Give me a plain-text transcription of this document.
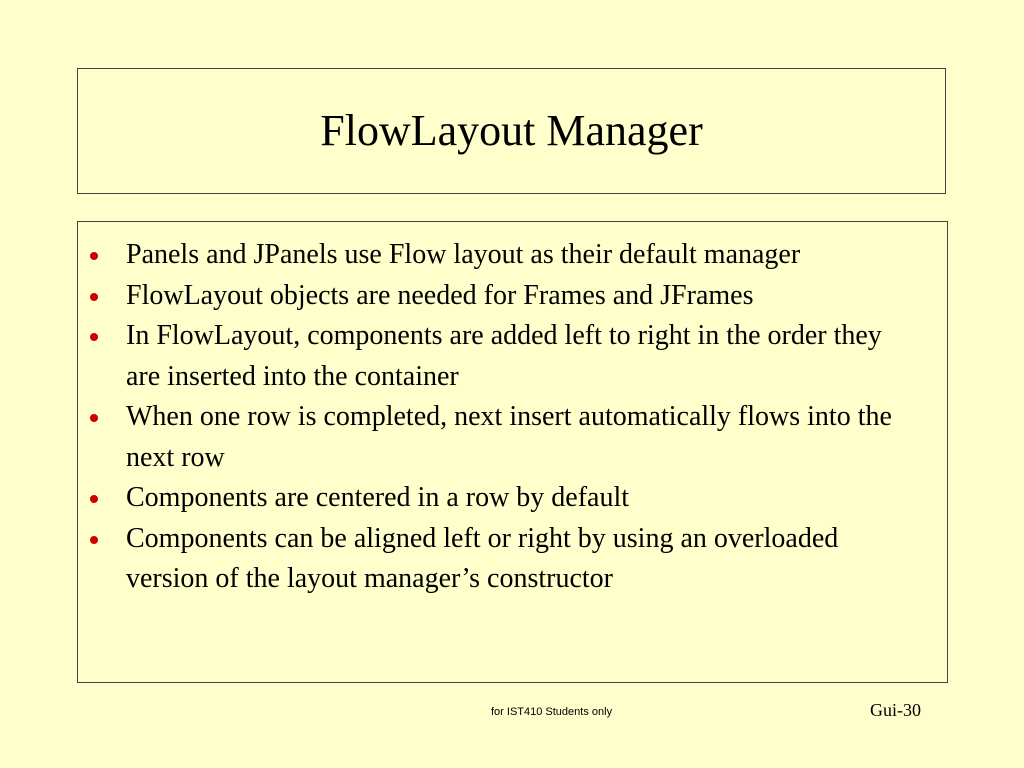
FlowLayout Manager
Panels and JPanels use Flow layout as their default manager
FlowLayout objects are needed for Frames and JFrames
In FlowLayout, components are added left to right in the order they are inserted into the container
When one row is completed, next insert automatically flows into the next row
Components are centered in a row by default
Components can be aligned left or right by using an overloaded version of the layout manager’s constructor
for IST410 Students only	Gui-30
